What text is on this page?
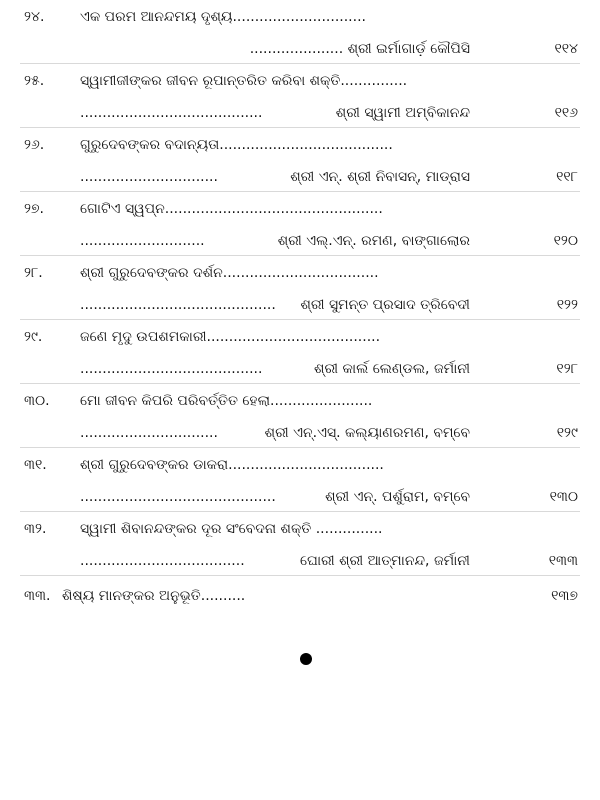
୨୪.	ଏକ ପରମ ଆନନ୍ଦମୟ ଦୃଶ୍ୟ..............................
..................... ଶ୍ରୀ ଇର୍ମାଗାର୍ଡ଼ କୌପିସି	୧୧୪
୨୫.	ସ୍ୱାମୀଜୀଙ୍କର ଜୀବନ ରୂପାନ୍ତରିତ କରିବା ଶକ୍ତି...............
.........................................	ଶ୍ରୀ ସ୍ୱାମୀ ଅମ୍ବିକାନନ୍ଦ	୧୧୬
୨୬.	ଗୁରୁଦେବଙ୍କର ବଦାନ୍ୟତା.......................................
...............................	ଶ୍ରୀ ଏନ୍. ଶ୍ରୀ ନିବାସନ୍, ମାଡ୍ରାସ	୧୧୮
୨୭.	ଗୋଟିଏ ସ୍ୱପ୍ନ.................................................
............................	ଶ୍ରୀ ଏଲ୍.ଏନ୍. ରମଣ, ବାଙ୍ଗାଲୋର	୧୨୦
୨୮.	ଶ୍ରୀ ଗୁରୁଦେବଙ୍କର ଦର୍ଶନ...................................
............................................ ଶ୍ରୀ ସୁମନ୍ତ ପ୍ରସାଦ ତ୍ରିବେଦୀ	୧୨୨
୨୯.	ଜଣେ ମୃଦୁ ଉପଶମକାରୀ.......................................
.........................................	ଶ୍ରୀ କାର୍ଲ ଲେଣ୍ଡଲ, ଜର୍ମାନୀ	୧୨୮
୩୦. ମୋ ଜୀବନ କିପରି ପରିବର୍ତ୍ତିତ ହେଲା.......................
...............................	ଶ୍ରୀ ଏନ୍.ଏସ୍. କଲ୍ୟାଣରମଣ, ବମ୍ବେ	୧୨୯
୩୧. ଶ୍ରୀ ଗୁରୁଦେବଙ୍କର ଡାକରା...................................
............................................	ଶ୍ରୀ ଏନ୍. ପର୍ଶୁରାମ, ବମ୍ବେ	୧୩୦
୩୨. ସ୍ୱାମୀ ଶିବାନନ୍ଦଙ୍କର ଦୂର ସଂବେଦନା ଶକ୍ତି ...............
.....................................	ଘୋରୀ ଶ୍ରୀ ଆତ୍ମାନନ୍ଦ, ଜର୍ମାନୀ	୧୩୩
୩୩. ଶିଷ୍ୟ ମାନଙ୍କର ଅନୁଭୂତି..........	୧୩୭
